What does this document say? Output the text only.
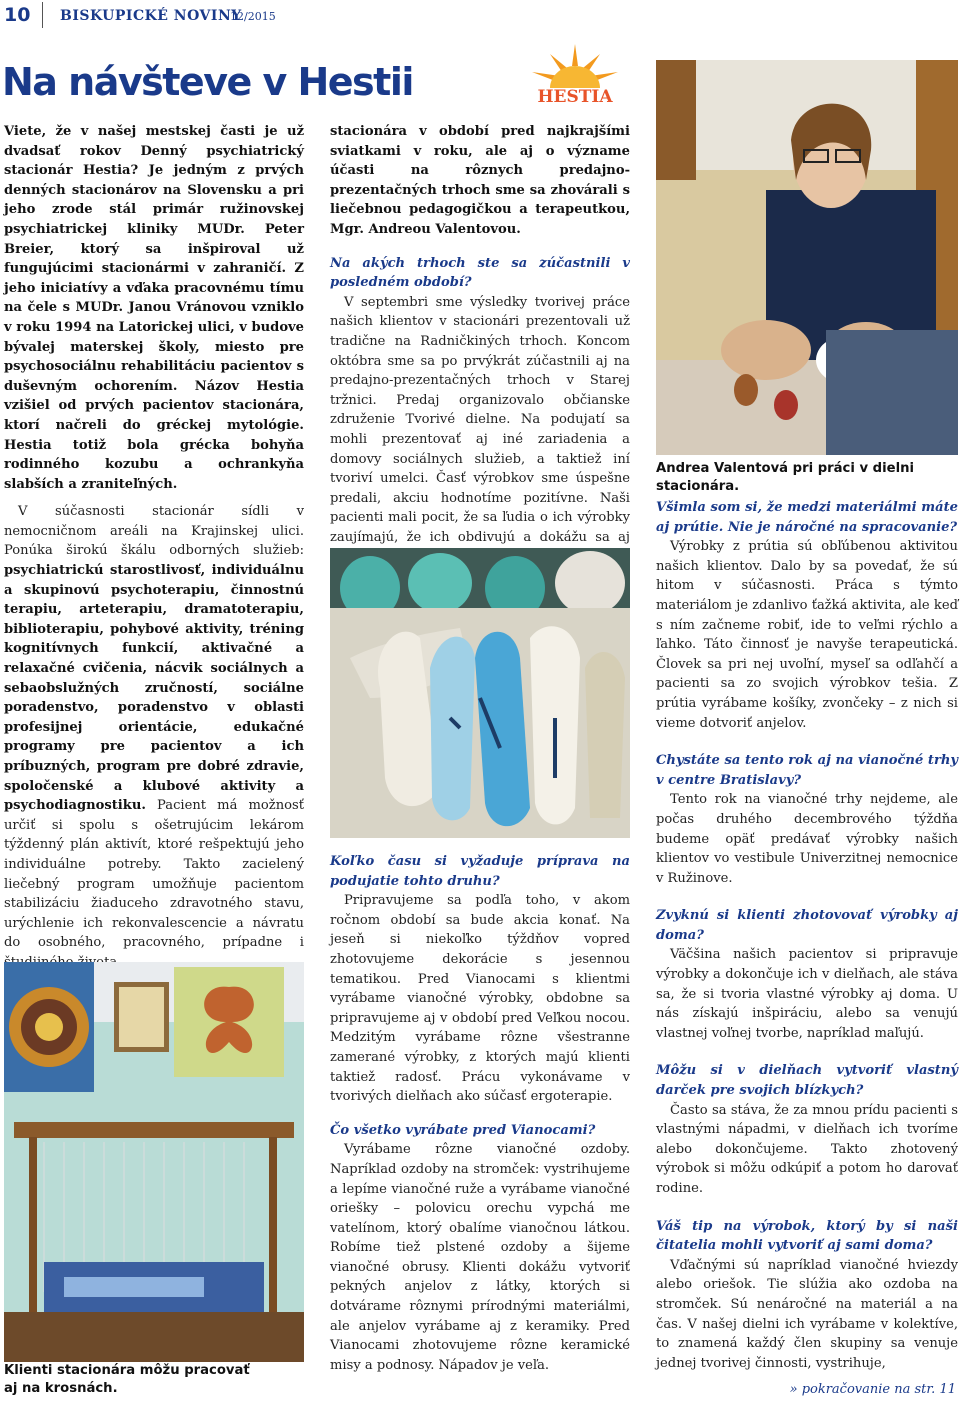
10 BISKUPICKÉ NOVINY
12/2015
Na návšteve v Hestii	HESTIA

Viete, že v našej mestskej časti je už dvadsať rokov Denný psychiatrický stacionár Hestia? Je jedným z prvých denných stacionárov na Slovensku a pri jeho zrode stál primár ružinovskej psychiatrickej kliniky MUDr. Peter Breier, ktorý sa inšpiroval už fungujúcimi stacionármi v zahraničí. Z jeho iniciatívy a vďaka pracovnému tímu na čele s MUDr. Janou Vránovou vzniklo v roku 1994 na Latorickej ulici, v budove bývalej materskej školy, miesto pre psychosociálnu rehabilitáciu pacientov s duševným ochorením. Názov Hestia vzišiel od prvých pacientov stacionára, ktorí načreli do gréckej mytológie. Hestia totiž bola grécka bohyňa rodinného kozubu a ochrankyňa slabších a zraniteľných.

V súčasnosti stacionár sídli v nemocničnom areáli na Krajinskej ulici. Ponúka širokú škálu odborných služieb: psychiatrickú starostlivosť, individuálnu a skupinovú psychoterapiu, činnostnú terapiu, arteterapiu, dramatoterapiu, biblioterapiu, pohybové aktivity, tréning kognitívnych funkcií, aktivačné a relaxačné cvičenia, nácvik sociálnych a sebaobslužných zručností, sociálne poradenstvo, poradenstvo v oblasti profesijnej orientácie, edukačné programy pre pacientov a ich príbuzných, program pre dobré zdravie, spoločenské a klubové aktivity a psychodiagnostiku. Pacient má možnosť určiť si spolu s ošetrujúcim lekárom týždenný plán aktivít, ktoré rešpektujú jeho individuálne potreby. Takto zacielený liečebný program umožňuje pacientom stabilizáciu žiaduceho zdravotného stavu, urýchlenie ich rekonvalescencie a návratu do osobného, pracovného, prípadne i

Klienti stacionára môžu pracovať aj na krosnách.

stacionára v období pred najkrajšími sviatkami v roku, ale aj o význame účasti na rôznych predajno-prezentačných trhoch sme sa zhovárali s liečebnou pedagogičkou a terapeutkou, Mgr. Andreou Valentovou.

Na akých trhoch ste sa zúčastnili v posledném období?

V septembri sme výsledky tvorivej práce našich klientov v stacionári prezentovali už tradične na Radničkiných trhoch. Koncom októbra sme sa po prvýkrát zúčastnili aj na predajno-prezentačných trhoch v Starej tržnici. Predaj organizovalo občianske združenie Tvorivé dielne. Na podujatí sa mohli prezentovať aj iné zariadenia a domovy sociálnych služieb, a taktiež iní tvoriví umelci. Časť výrobkov sme úspešne predali, akciu hodnotíme pozitívne. Naši pacienti mali pocit, že sa ľudia o ich výrobky zaujímajú, že ich obdivujú a dokážu sa aj

Koľko času si vyžaduje príprava na podujatie tohto druhu?

Pripravujeme sa podľa toho, v akom ročnom období sa bude akcia konať. Na jeseň si niekoľko týždňov vopred zhotovujeme dekorácie s jesennou tematikou. Pred Vianocami s klientmi vyrábame vianočné výrobky, obdobne sa pripravujeme aj v období pred Veľkou nocou. Medzitým vyrábame rôzne všestranne zamerané výrobky, z ktorých majú klienti taktiež radosť. Prácu vykonávame v tvorivých dielňach ako súčasť ergoterapie.

Čo všetko vyrábate pred Vianocami?

Vyrábame rôzne vianočné ozdoby. Napríklad ozdoby na stromček: vystrihujeme a lepíme vianočné ruže a vyrábame vianočné oriešky – polovicu orechu vypchá me vatelínom, ktorý obalíme vianočnou látkou. Robíme tiež plstené ozdoby a šijeme vianočné obrusy. Klienti dokážu vytvoriť pekných anjelov z látky, ktorých si dotvárame rôznymi prírodnými materiálmi, ale anjelov vyrábame aj z keramiky. Pred Vianocami zhotovujeme rôzne keramické misy a podnosy. Nápadov je veľa.

Andrea Valentová pri práci v dielni stacionára.

Všimla som si, že medzi materiálmi máte aj prútie. Nie je náročné na spracovanie?

Výrobky z prútia sú obľúbenou aktivitou našich klientov. Dalo by sa povedať, že sú hitom v súčasnosti. Práca s týmto materiálom je zdanlivo ťažká aktivita, ale keď s ním začneme robiť, ide to veľmi rýchlo a ľahko. Táto činnosť je navyše terapeutická. Človek sa pri nej uvoľní, myseľ sa odľahčí a pacienti sa zo svojich výrobkov tešia. Z prútia vyrábame košíky, zvončeky – z nich si vieme dotvoriť anjelov.

Chystáte sa tento rok aj na vianočné trhy v centre Bratislavy?

Tento rok na vianočné trhy nejdeme, ale počas druhého decembrového týždňa budeme opäť predávať výrobky našich klientov vo vestibule Univerzitnej nemocnice v Ružinove.

Zvyknú si klienti zhotovovať výrobky aj doma?

Väčšina našich pacientov si pripravuje výrobky a dokončuje ich v dielňach, ale stáva sa, že si tvoria vlastné výrobky aj doma. U nás získajú inšpiráciu, alebo sa venujú vlastnej voľnej tvorbe, napríklad maľujú.

Môžu si v dielňach vytvoriť vlastný darček pre svojich blízkych?

Často sa stáva, že za mnou prídu pacienti s vlastnými nápadmi, v dielňach ich tvoríme alebo dokončujeme. Takto zhotovený výrobok si môžu odkúpiť a potom ho darovať rodine.

Váš tip na výrobok, ktorý by si naši čitatelia mohli vytvoriť aj sami doma?

Vďačnými sú napríklad vianočné hviezdy alebo oriešok. Tie slúžia ako ozdoba na stromček. Sú nenáročné na materiál a na čas. V našej dielni ich vyrábame v kolektíve, to znamená každý člen skupiny sa venuje jednej tvorivej činnosti, vystrihuje,

» pokračovanie na str. 11
